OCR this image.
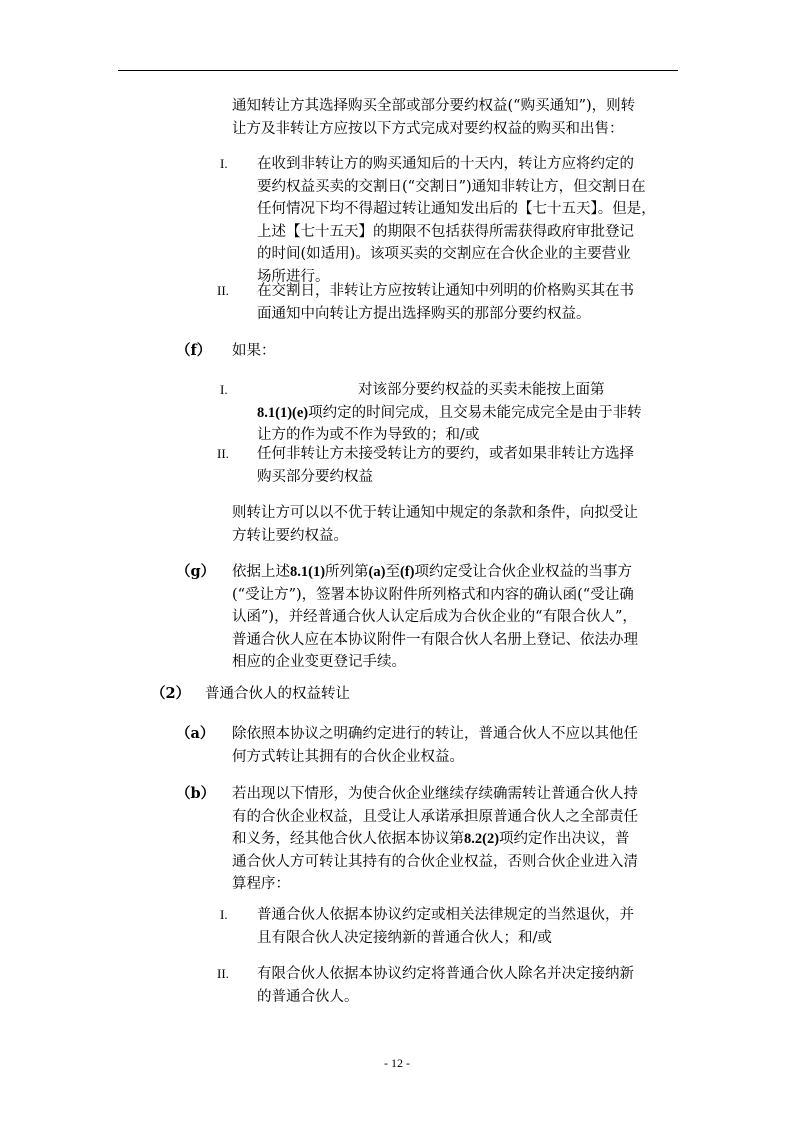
通知转让方其选择购买全部或部分要约权益(“购买通知”)，则转
让方及非转让方应按以下方式完成对要约权益的购买和出售：
I. 在收到非转让方的购买通知后的十天内，转让方应将约定的
要约权益买卖的交割日(“交割日”)通知非转让方，但交割日在
任何情况下均不得超过转让通知发出后的【七十五天】。但是，
上述【七十五天】的期限不包括获得所需获得政府审批登记
的时间(如适用)。该项买卖的交割应在合伙企业的主要营业
场所进行。
II. 在交割日，非转让方应按转让通知中列明的价格购买其在书
面通知中向转让方提出选择购买的那部分要约权益。
（f） 如果：
I.	对该部分要约权益的买卖未能按上面第
8.1(1)(e)项约定的时间完成，且交易未能完成完全是由于非转
让方的作为或不作为导致的；和/或
II. 任何非转让方未接受转让方的要约，或者如果非转让方选择
购买部分要约权益
则转让方可以以不优于转让通知中规定的条款和条件，向拟受让
方转让要约权益。
（g） 依据上述8.1(1)所列第(a)至(f)项约定受让合伙企业权益的当事方
(“受让方”)，签署本协议附件所列格式和内容的确认函(“受让确
认函”)，并经普通合伙人认定后成为合伙企业的“有限合伙人”，
普通合伙人应在本协议附件一有限合伙人名册上登记、依法办理
相应的企业变更登记手续。
（2） 普通合伙人的权益转让
（a） 除依照本协议之明确约定进行的转让，普通合伙人不应以其他任
何方式转让其拥有的合伙企业权益。
（b） 若出现以下情形，为使合伙企业继续存续确需转让普通合伙人持
有的合伙企业权益，且受让人承诺承担原普通合伙人之全部责任
和义务，经其他合伙人依据本协议第8.2(2)项约定作出决议，普
通合伙人方可转让其持有的合伙企业权益，否则合伙企业进入清
算程序：
I. 普通合伙人依据本协议约定或相关法律规定的当然退伙，并
且有限合伙人决定接纳新的普通合伙人；和/或
II. 有限合伙人依据本协议约定将普通合伙人除名并决定接纳新
的普通合伙人。
- 12 -
